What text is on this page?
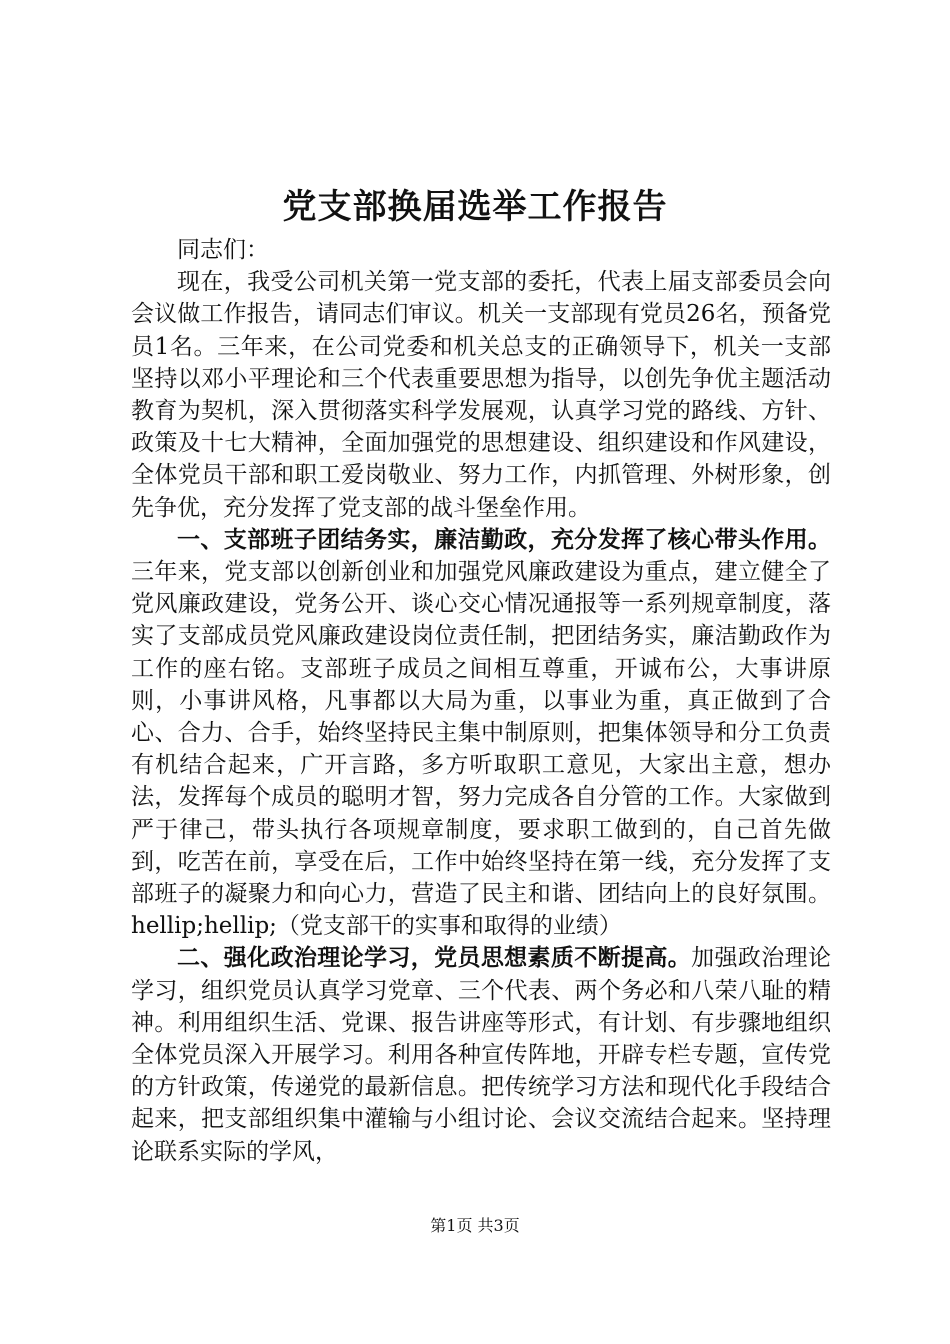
党支部换届选举工作报告

同志们：

现在，我受公司机关第一党支部的委托，代表上届支部委员会向会议做工作报告，请同志们审议。机关一支部现有党员26名，预备党员1名。三年来，在公司党委和机关总支的正确领导下，机关一支部坚持以邓小平理论和三个代表重要思想为指导，以创先争优主题活动教育为契机，深入贯彻落实科学发展观，认真学习党的路线、方针、政策及十七大精神，全面加强党的思想建设、组织建设和作风建设，全体党员干部和职工爱岗敬业、努力工作，内抓管理、外树形象，创先争优，充分发挥了党支部的战斗堡垒作用。

一、支部班子团结务实，廉洁勤政，充分发挥了核心带头作用。三年来，党支部以创新创业和加强党风廉政建设为重点，建立健全了党风廉政建设，党务公开、谈心交心情况通报等一系列规章制度，落实了支部成员党风廉政建设岗位责任制，把团结务实，廉洁勤政作为工作的座右铭。支部班子成员之间相互尊重，开诚布公，大事讲原则，小事讲风格，凡事都以大局为重，以事业为重，真正做到了合心、合力、合手，始终坚持民主集中制原则，把集体领导和分工负责有机结合起来，广开言路，多方听取职工意见，大家出主意，想办法，发挥每个成员的聪明才智，努力完成各自分管的工作。大家做到严于律己，带头执行各项规章制度，要求职工做到的，自己首先做到，吃苦在前，享受在后，工作中始终坚持在第一线，充分发挥了支部班子的凝聚力和向心力，营造了民主和谐、团结向上的良好氛围。hellip;hellip;（党支部干的实事和取得的业绩）

二、强化政治理论学习，党员思想素质不断提高。加强政治理论学习，组织党员认真学习党章、三个代表、两个务必和八荣八耻的精神。利用组织生活、党课、报告讲座等形式，有计划、有步骤地组织全体党员深入开展学习。利用各种宣传阵地，开辟专栏专题，宣传党的方针政策，传递党的最新信息。把传统学习方法和现代化手段结合起来，把支部组织集中灌输与小组讨论、会议交流结合起来。坚持理论联系实际的学风，

第1页 共3页
